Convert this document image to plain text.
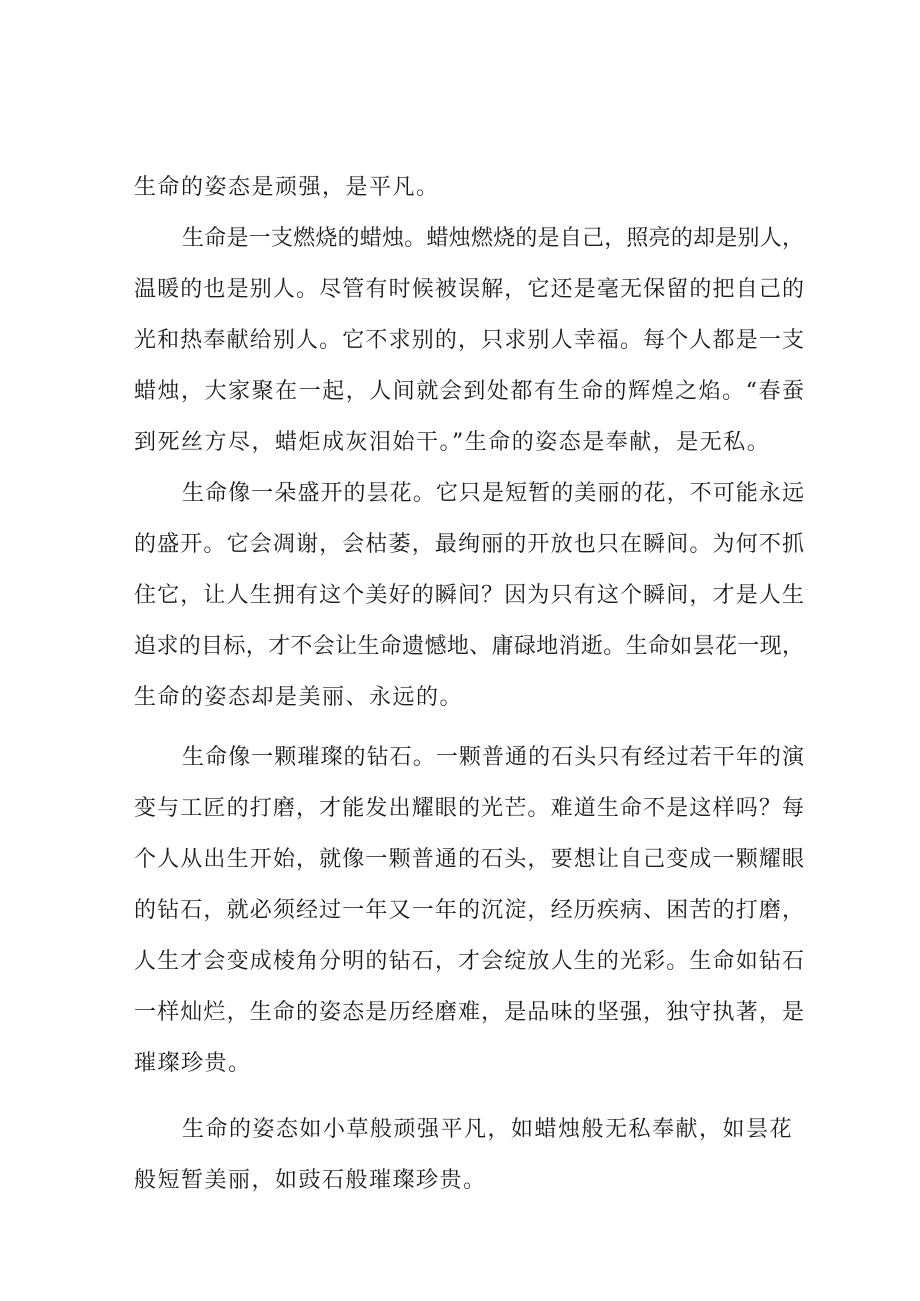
生命的姿态是顽强，是平凡。
生命是一支燃烧的蜡烛。蜡烛燃烧的是自己，照亮的却是别人，
温暖的也是别人。尽管有时候被误解，它还是毫无保留的把自己的
光和热奉献给别人。它不求别的，只求别人幸福。每个人都是一支
蜡烛，大家聚在一起，人间就会到处都有生命的辉煌之焰。“春蚕
到死丝方尽，蜡炬成灰泪始干。”生命的姿态是奉献，是无私。
生命像一朵盛开的昙花。它只是短暂的美丽的花，不可能永远
的盛开。它会凋谢，会枯萎，最绚丽的开放也只在瞬间。为何不抓
住它，让人生拥有这个美好的瞬间？因为只有这个瞬间，才是人生
追求的目标，才不会让生命遗憾地、庸碌地消逝。生命如昙花一现，
生命的姿态却是美丽、永远的。
生命像一颗璀璨的钻石。一颗普通的石头只有经过若干年的演
变与工匠的打磨，才能发出耀眼的光芒。难道生命不是这样吗？每
个人从出生开始，就像一颗普通的石头，要想让自己变成一颗耀眼
的钻石，就必须经过一年又一年的沉淀，经历疾病、困苦的打磨，
人生才会变成棱角分明的钻石，才会绽放人生的光彩。生命如钻石
一样灿烂，生命的姿态是历经磨难，是品味的坚强，独守执著，是
璀璨珍贵。
生命的姿态如小草般顽强平凡，如蜡烛般无私奉献，如昙花
般短暂美丽，如豉石般璀璨珍贵。
